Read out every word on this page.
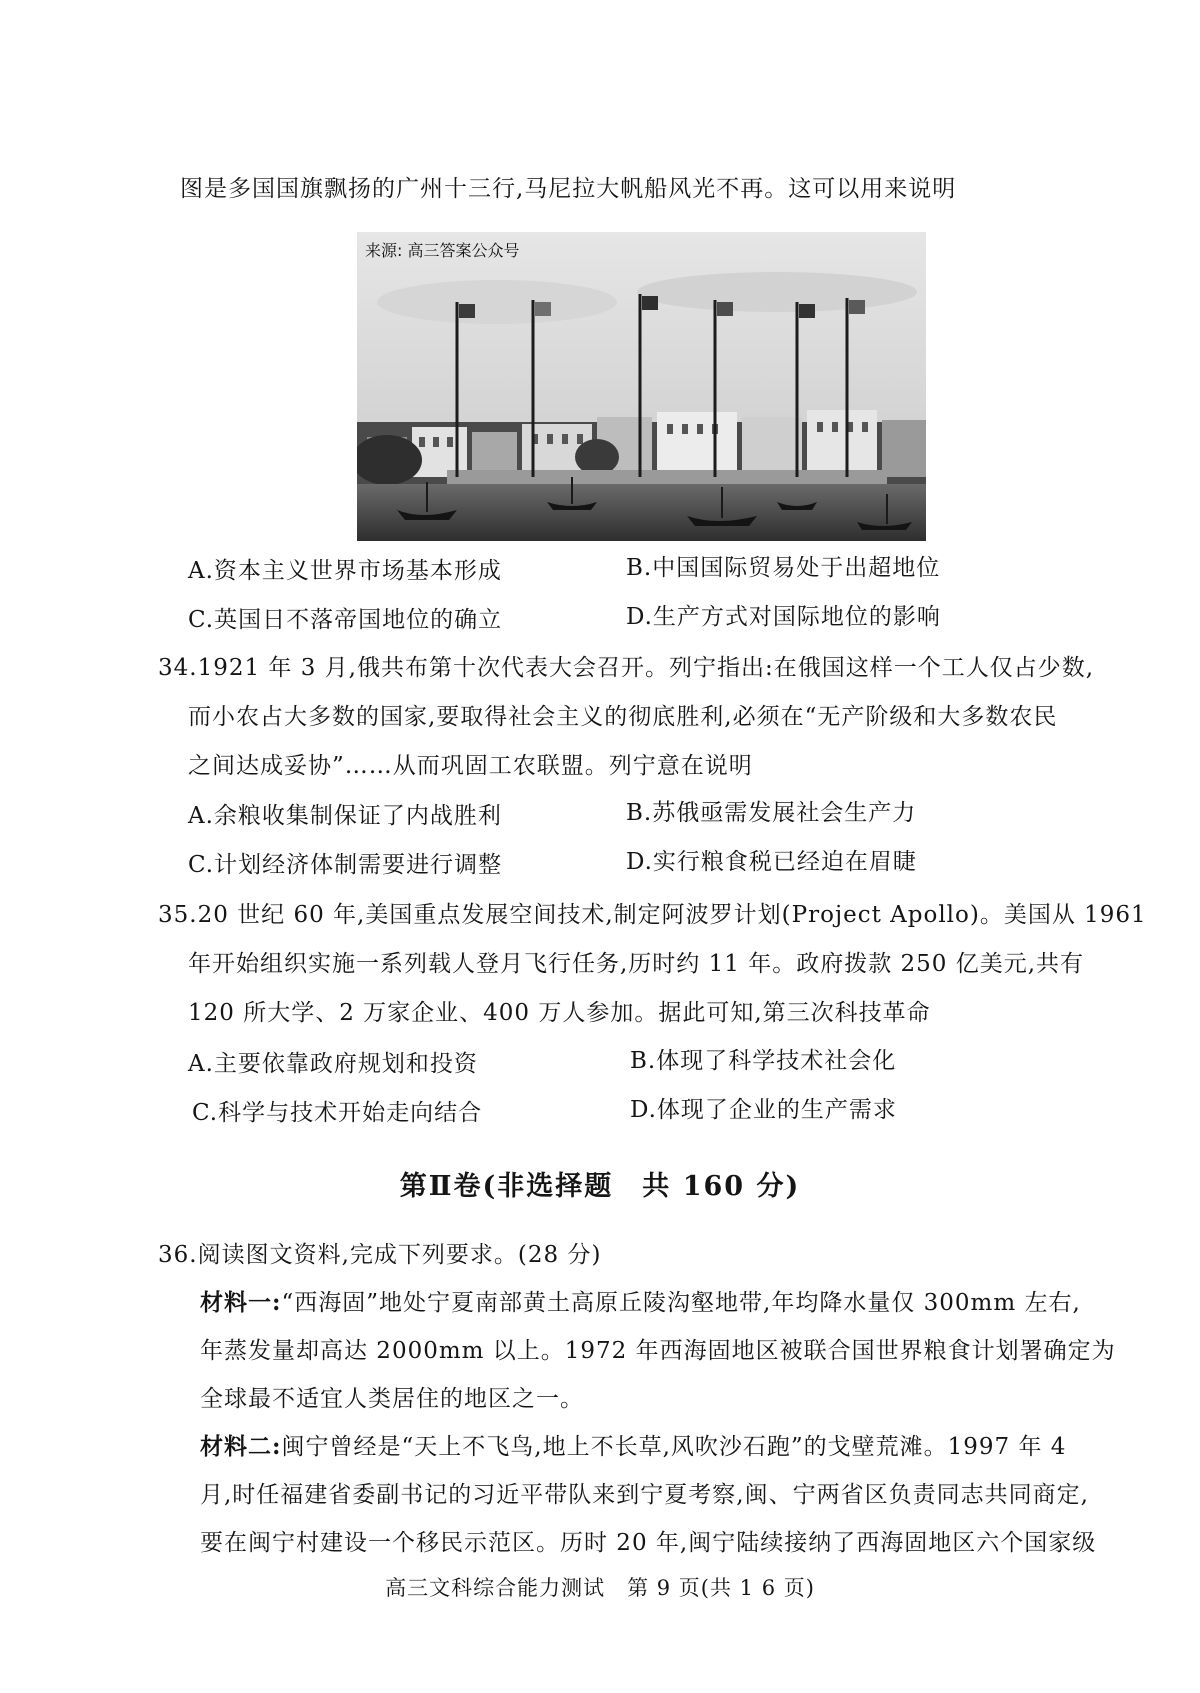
图是多国国旗飘扬的广州十三行,马尼拉大帆船风光不再。这可以用来说明
来源: 高三答案公众号
A.资本主义世界市场基本形成	B.中国国际贸易处于出超地位
C.英国日不落帝国地位的确立	D.生产方式对国际地位的影响
34.1921 年 3 月,俄共布第十次代表大会召开。列宁指出:在俄国这样一个工人仅占少数,
而小农占大多数的国家,要取得社会主义的彻底胜利,必须在“无产阶级和大多数农民
之间达成妥协”……从而巩固工农联盟。列宁意在说明
A.余粮收集制保证了内战胜利	B.苏俄亟需发展社会生产力
C.计划经济体制需要进行调整	D.实行粮食税已经迫在眉睫
35.20 世纪 60 年,美国重点发展空间技术,制定阿波罗计划(Project Apollo)。美国从 1961
年开始组织实施一系列载人登月飞行任务,历时约 11 年。政府拨款 250 亿美元,共有
120 所大学、2 万家企业、400 万人参加。据此可知,第三次科技革命
A.主要依靠政府规划和投资	B.体现了科学技术社会化
C.科学与技术开始走向结合	D.体现了企业的生产需求
第Ⅱ卷(非选择题　共 160 分)
36.阅读图文资料,完成下列要求。(28 分)
材料一:“西海固”地处宁夏南部黄土高原丘陵沟壑地带,年均降水量仅 300mm 左右,
年蒸发量却高达 2000mm 以上。1972 年西海固地区被联合国世界粮食计划署确定为
全球最不适宜人类居住的地区之一。
材料二:闽宁曾经是“天上不飞鸟,地上不长草,风吹沙石跑”的戈壁荒滩。1997 年 4
月,时任福建省委副书记的习近平带队来到宁夏考察,闽、宁两省区负责同志共同商定,
要在闽宁村建设一个移民示范区。历时 20 年,闽宁陆续接纳了西海固地区六个国家级
高三文科综合能力测试　第 9 页(共 1 6 页)
